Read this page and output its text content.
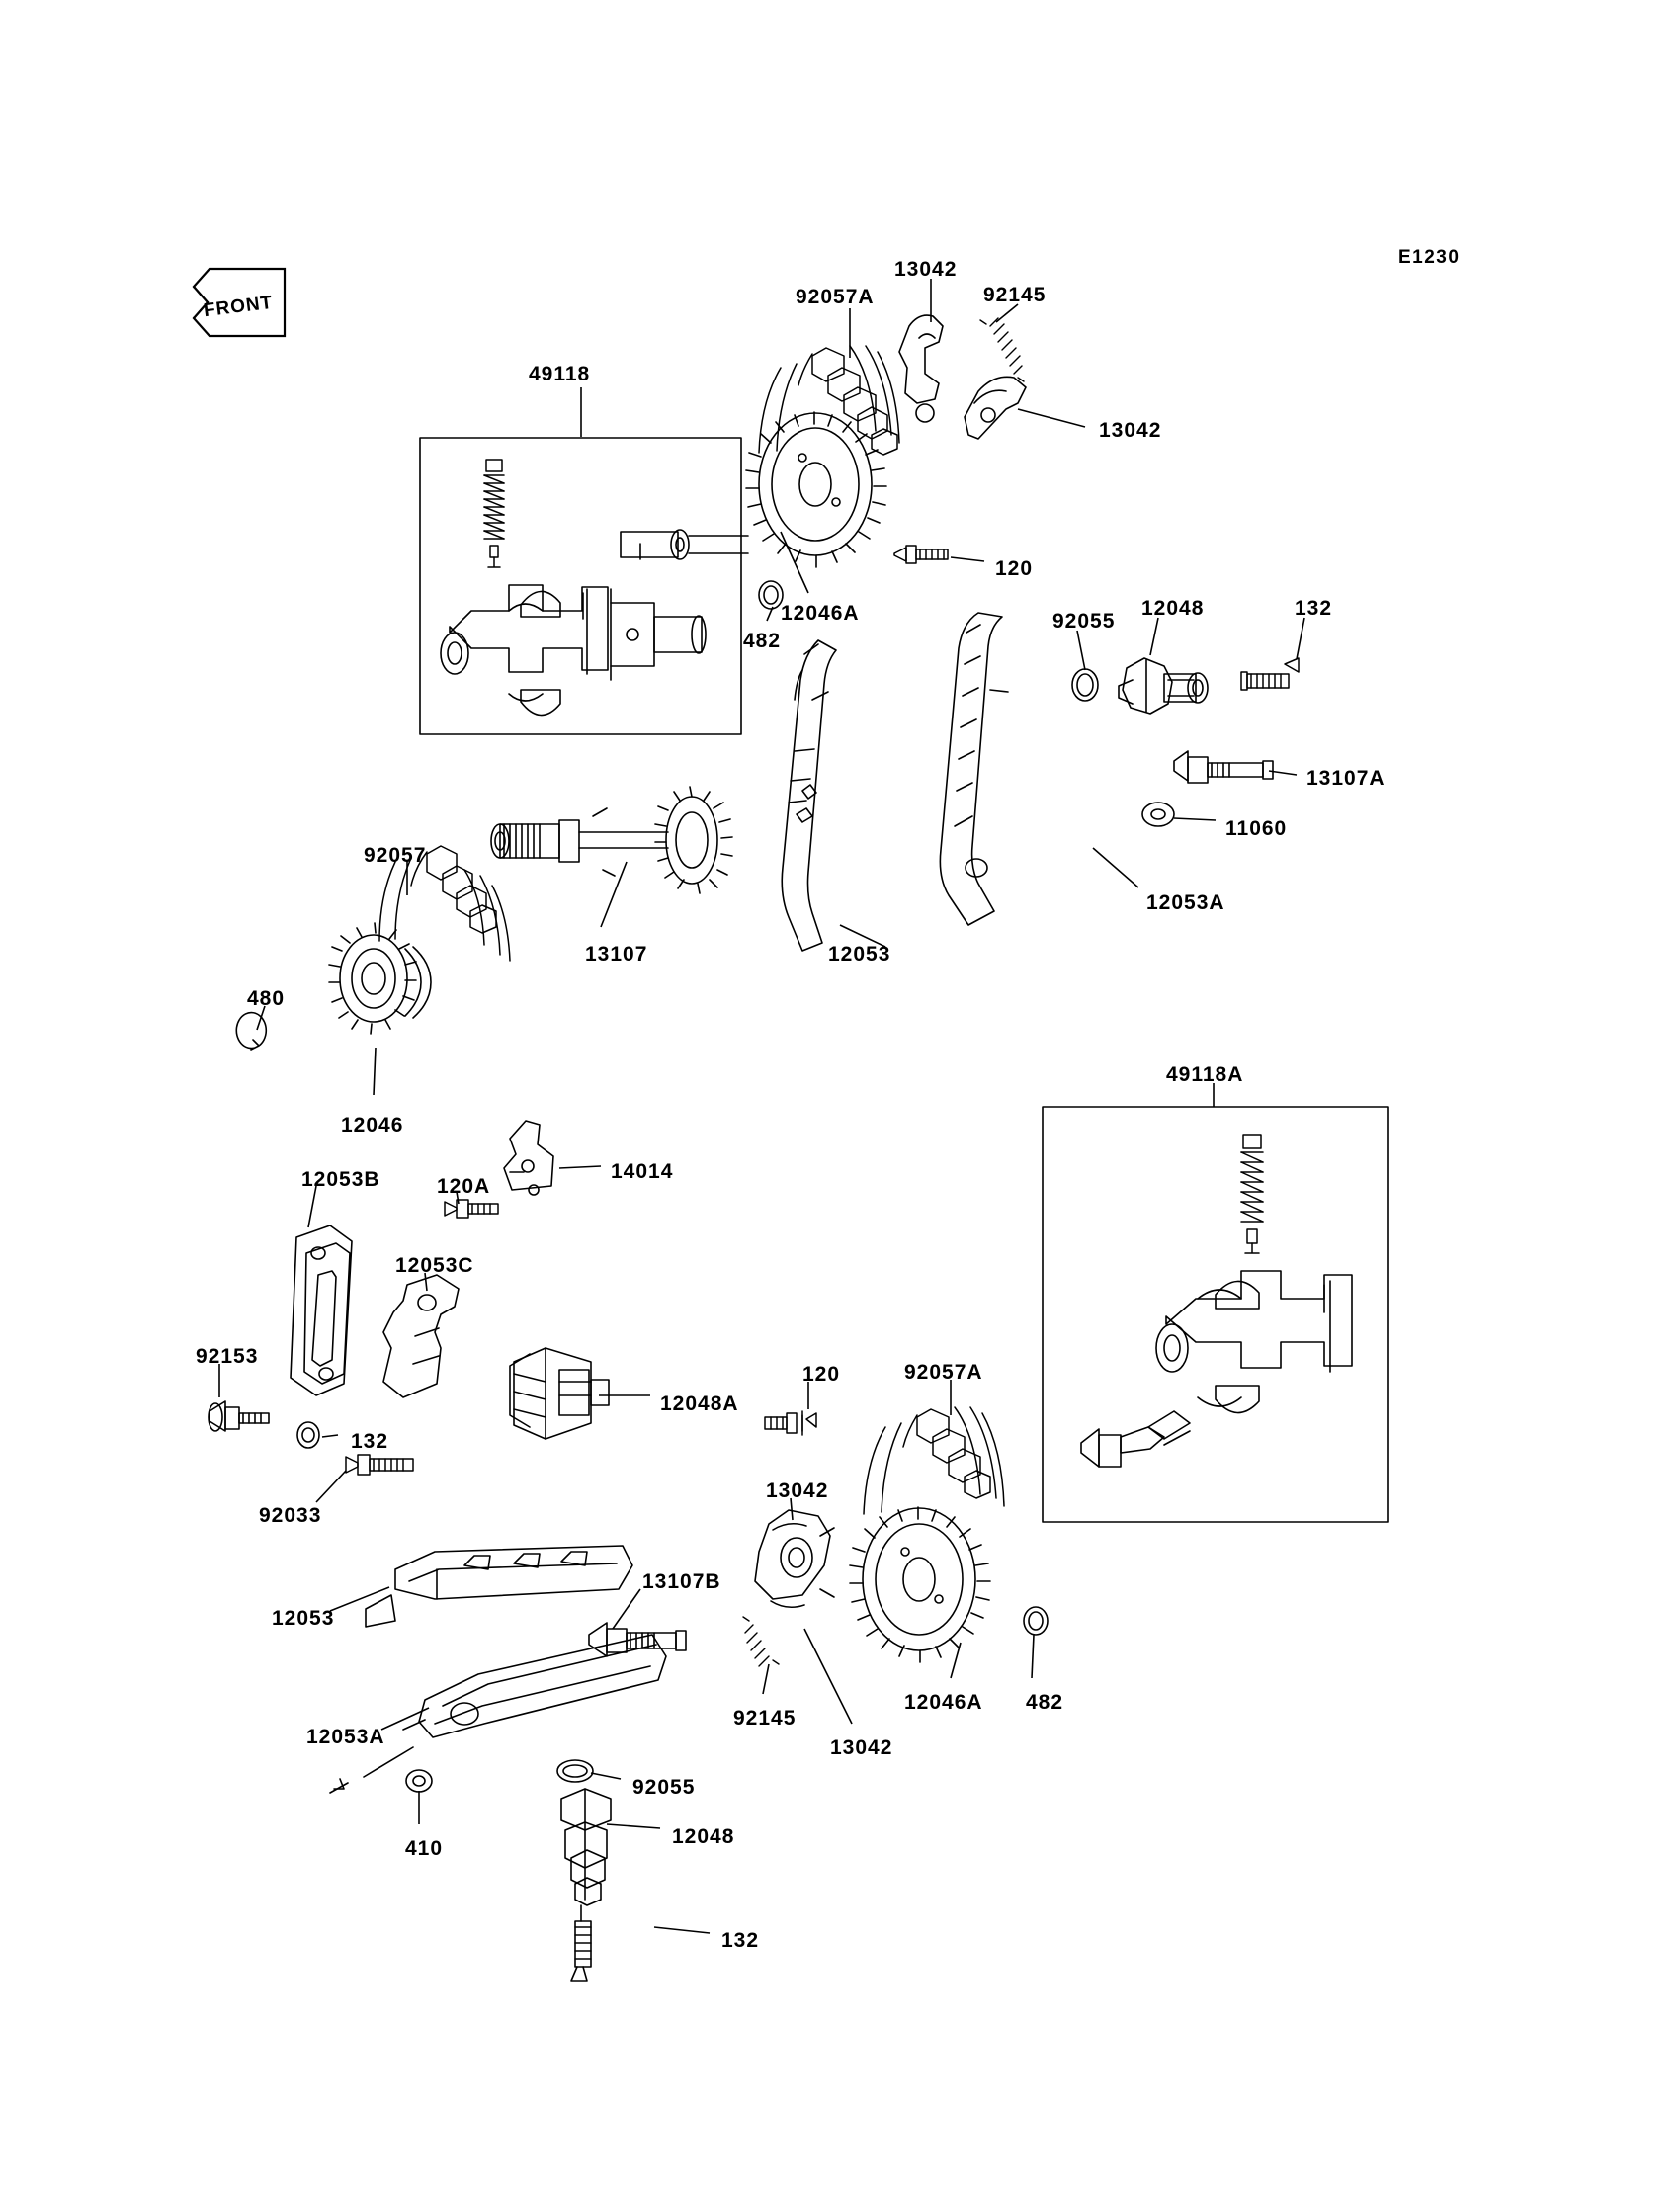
E1230
FRONT
49118
92057A
13042
92145
13042
120
12046A
482
92055
12048	132
13107A
11060
12053A
12053
92057
13107
480
12046
120A
14014
12053B
12053C
92153
12048A
132
92033
120	92057A
49118A
13042
12053
13107B
12046A 482
92145
13042
12053A
92055
410
12048
132
